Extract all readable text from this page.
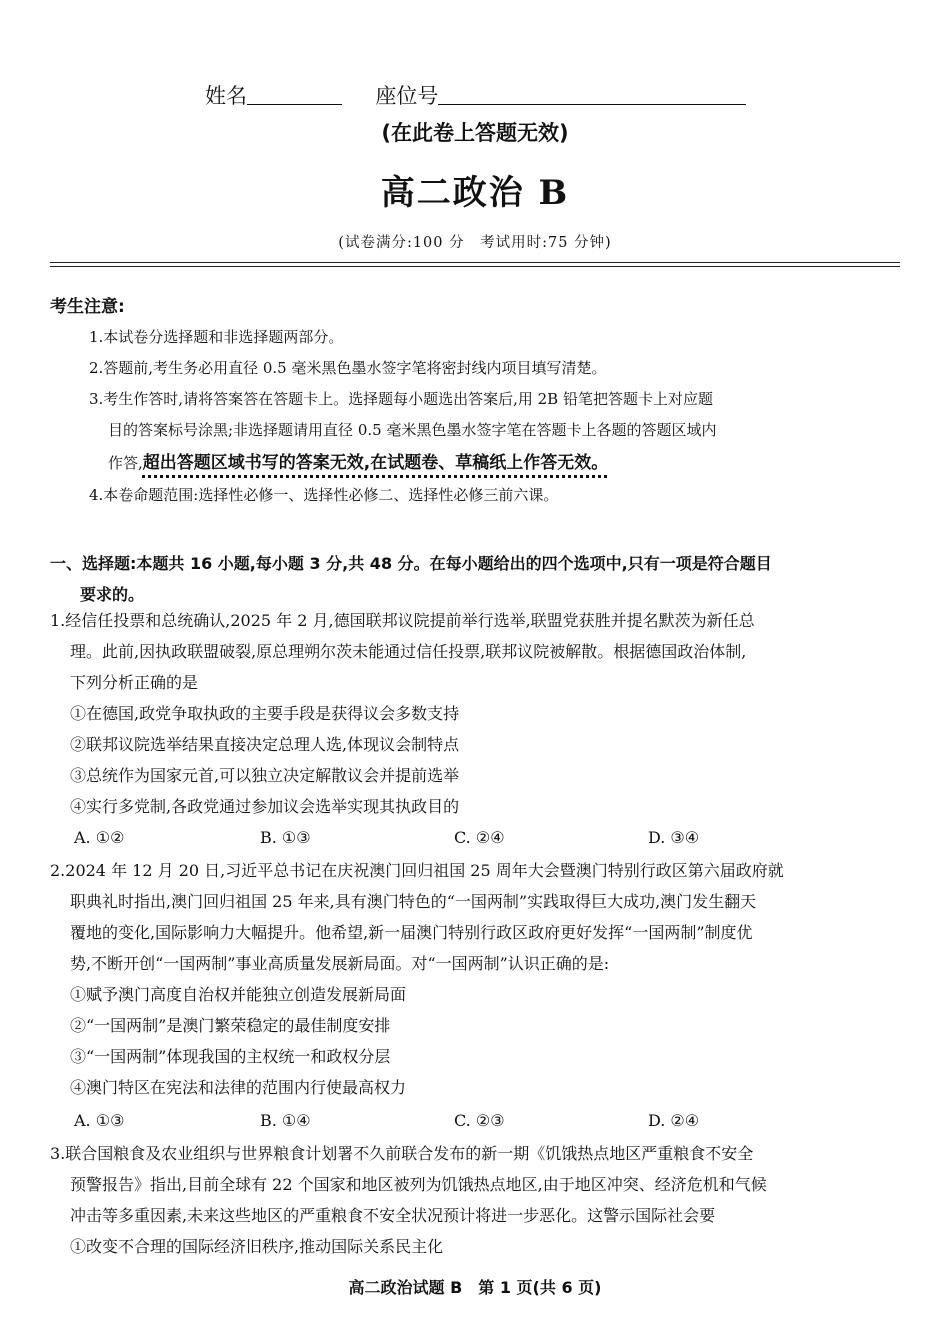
姓名	座位号
(在此卷上答题无效)
高二政治 B
(试卷满分:100 分　考试用时:75 分钟)
考生注意:
1.本试卷分选择题和非选择题两部分。
2.答题前,考生务必用直径 0.5 毫米黑色墨水签字笔将密封线内项目填写清楚。
3.考生作答时,请将答案答在答题卡上。选择题每小题选出答案后,用 2B 铅笔把答题卡上对应题
目的答案标号涂黑;非选择题请用直径 0.5 毫米黑色墨水签字笔在答题卡上各题的答题区域内
作答,超出答题区域书写的答案无效,在试题卷、草稿纸上作答无效。
4.本卷命题范围:选择性必修一、选择性必修二、选择性必修三前六课。
一、选择题:本题共 16 小题,每小题 3 分,共 48 分。在每小题给出的四个选项中,只有一项是符合题目
要求的。
1.经信任投票和总统确认,2025 年 2 月,德国联邦议院提前举行选举,联盟党获胜并提名默茨为新任总
理。此前,因执政联盟破裂,原总理朔尔茨未能通过信任投票,联邦议院被解散。根据德国政治体制,
下列分析正确的是
①在德国,政党争取执政的主要手段是获得议会多数支持
②联邦议院选举结果直接决定总理人选,体现议会制特点
③总统作为国家元首,可以独立决定解散议会并提前选举
④实行多党制,各政党通过参加议会选举实现其执政目的
A. ①②	B. ①③	C. ②④	D. ③④
2.2024 年 12 月 20 日,习近平总书记在庆祝澳门回归祖国 25 周年大会暨澳门特别行政区第六届政府就
职典礼时指出,澳门回归祖国 25 年来,具有澳门特色的“一国两制”实践取得巨大成功,澳门发生翻天
覆地的变化,国际影响力大幅提升。他希望,新一届澳门特别行政区政府更好发挥“一国两制”制度优
势,不断开创“一国两制”事业高质量发展新局面。对“一国两制”认识正确的是:
①赋予澳门高度自治权并能独立创造发展新局面
②“一国两制”是澳门繁荣稳定的最佳制度安排
③“一国两制”体现我国的主权统一和政权分层
④澳门特区在宪法和法律的范围内行使最高权力
A. ①③	B. ①④	C. ②③	D. ②④
3.联合国粮食及农业组织与世界粮食计划署不久前联合发布的新一期《饥饿热点地区严重粮食不安全
预警报告》指出,目前全球有 22 个国家和地区被列为饥饿热点地区,由于地区冲突、经济危机和气候
冲击等多重因素,未来这些地区的严重粮食不安全状况预计将进一步恶化。这警示国际社会要
①改变不合理的国际经济旧秩序,推动国际关系民主化
高二政治试题 B　第 1 页(共 6 页)
